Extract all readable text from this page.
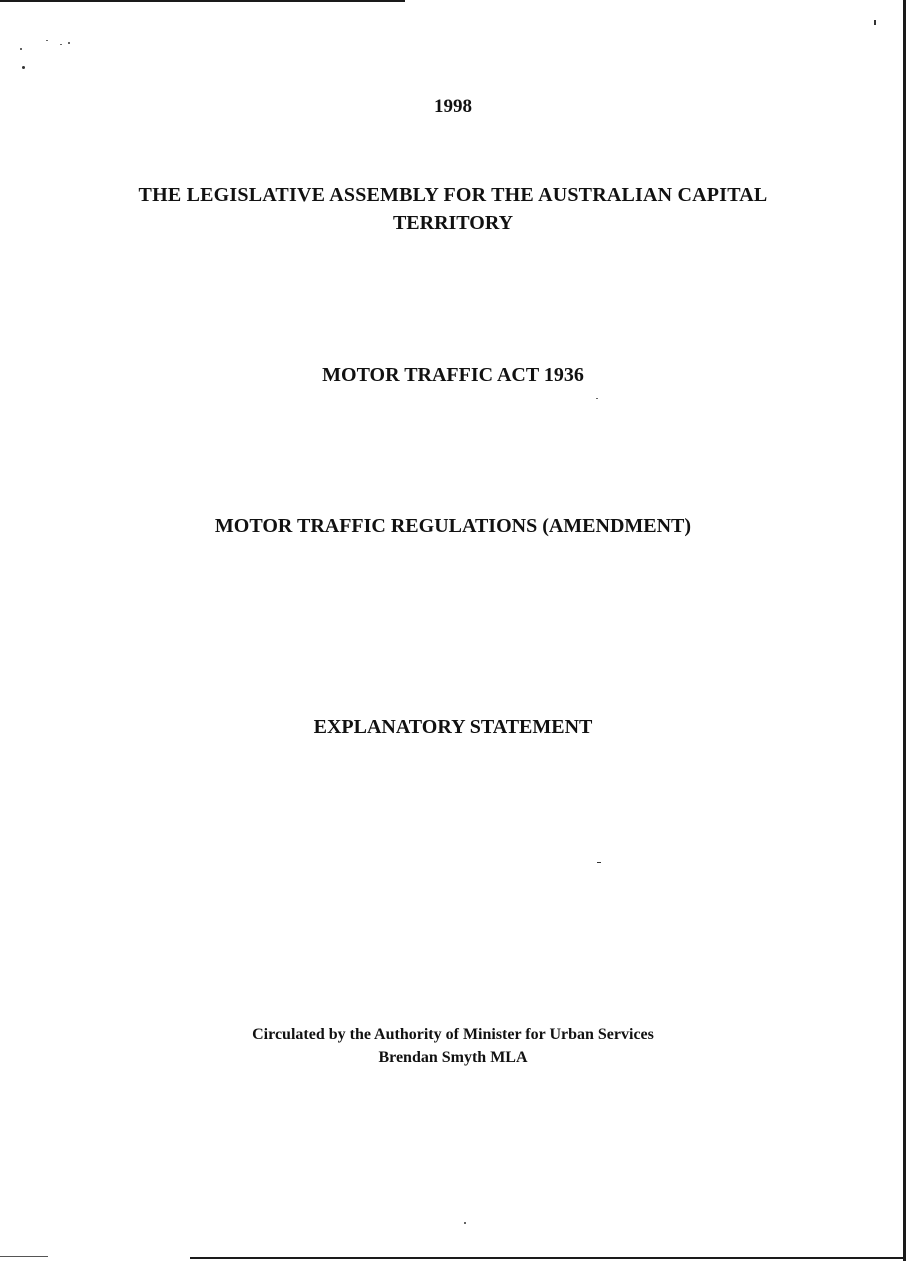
1998
THE LEGISLATIVE ASSEMBLY FOR THE AUSTRALIAN CAPITAL
TERRITORY
MOTOR TRAFFIC ACT 1936
MOTOR TRAFFIC REGULATIONS (AMENDMENT)
EXPLANATORY STATEMENT
Circulated by the Authority of Minister for Urban Services
Brendan Smyth MLA
